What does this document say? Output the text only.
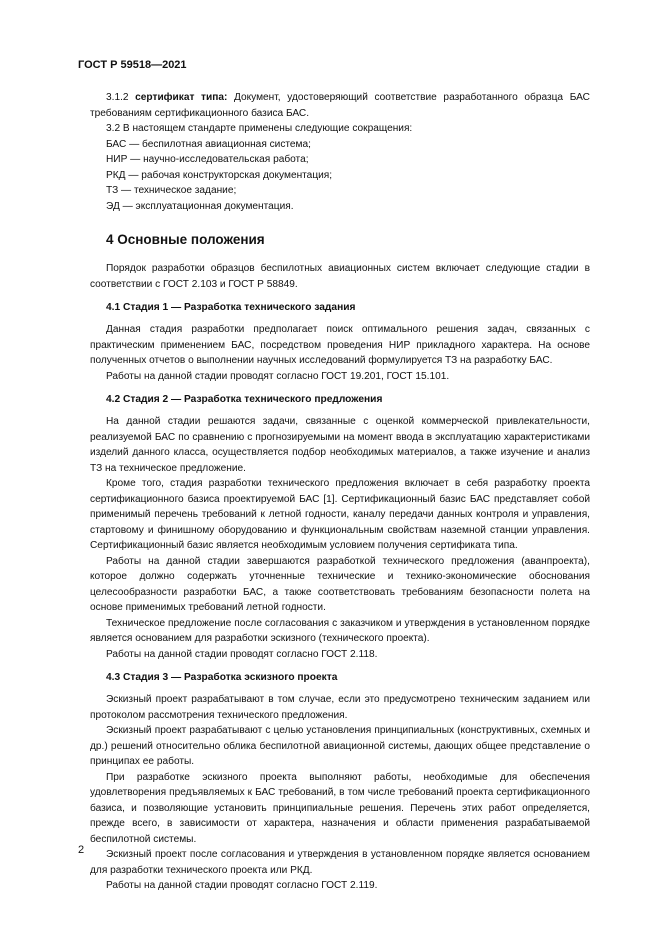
ГОСТ Р 59518—2021

3.1.2 сертификат типа: Документ, удостоверяющий соответствие разработанного образца БАС требованиям сертификационного базиса БАС.

3.2 В настоящем стандарте применены следующие сокращения:

БАС — беспилотная авиационная система;

НИР — научно-исследовательская работа;

РКД — рабочая конструкторская документация;

ТЗ — техническое задание;

ЭД — эксплуатационная документация.

4 Основные положения

Порядок разработки образцов беспилотных авиационных систем включает следующие стадии в соответствии с ГОСТ 2.103 и ГОСТ Р 58849.

4.1 Стадия 1 — Разработка технического задания

Данная стадия разработки предполагает поиск оптимального решения задач, связанных с практическим применением БАС, посредством проведения НИР прикладного характера. На основе полученных отчетов о выполнении научных исследований формулируется ТЗ на разработку БАС.

Работы на данной стадии проводят согласно ГОСТ 19.201, ГОСТ 15.101.

4.2 Стадия 2 — Разработка технического предложения

На данной стадии решаются задачи, связанные с оценкой коммерческой привлекательности, реализуемой БАС по сравнению с прогнозируемыми на момент ввода в эксплуатацию характеристиками изделий данного класса, осуществляется подбор необходимых материалов, а также изучение и анализ ТЗ на техническое предложение.

Кроме того, стадия разработки технического предложения включает в себя разработку проекта сертификационного базиса проектируемой БАС [1]. Сертификационный базис БАС представляет собой применимый перечень требований к летной годности, каналу передачи данных контроля и управления, стартовому и финишному оборудованию и функциональным свойствам наземной станции управления. Сертификационный базис является необходимым условием получения сертификата типа.

Работы на данной стадии завершаются разработкой технического предложения (аванпроекта), которое должно содержать уточненные технические и технико-экономические обоснования целесообразности разработки БАС, а также соответствовать требованиям безопасности полета на основе применимых требований летной годности.

Техническое предложение после согласования с заказчиком и утверждения в установленном порядке является основанием для разработки эскизного (технического проекта).

Работы на данной стадии проводят согласно ГОСТ 2.118.

4.3 Стадия 3 — Разработка эскизного проекта

Эскизный проект разрабатывают в том случае, если это предусмотрено техническим заданием или протоколом рассмотрения технического предложения.

Эскизный проект разрабатывают с целью установления принципиальных (конструктивных, схемных и др.) решений относительно облика беспилотной авиационной системы, дающих общее представление о принципах ее работы.

При разработке эскизного проекта выполняют работы, необходимые для обеспечения удовлетворения предъявляемых к БАС требований, в том числе требований проекта сертификационного базиса, и позволяющие установить принципиальные решения. Перечень этих работ определяется, прежде всего, в зависимости от характера, назначения и области применения разрабатываемой беспилотной системы.

Эскизный проект после согласования и утверждения в установленном порядке является основанием для разработки технического проекта или РКД.

Работы на данной стадии проводят согласно ГОСТ 2.119.

2
